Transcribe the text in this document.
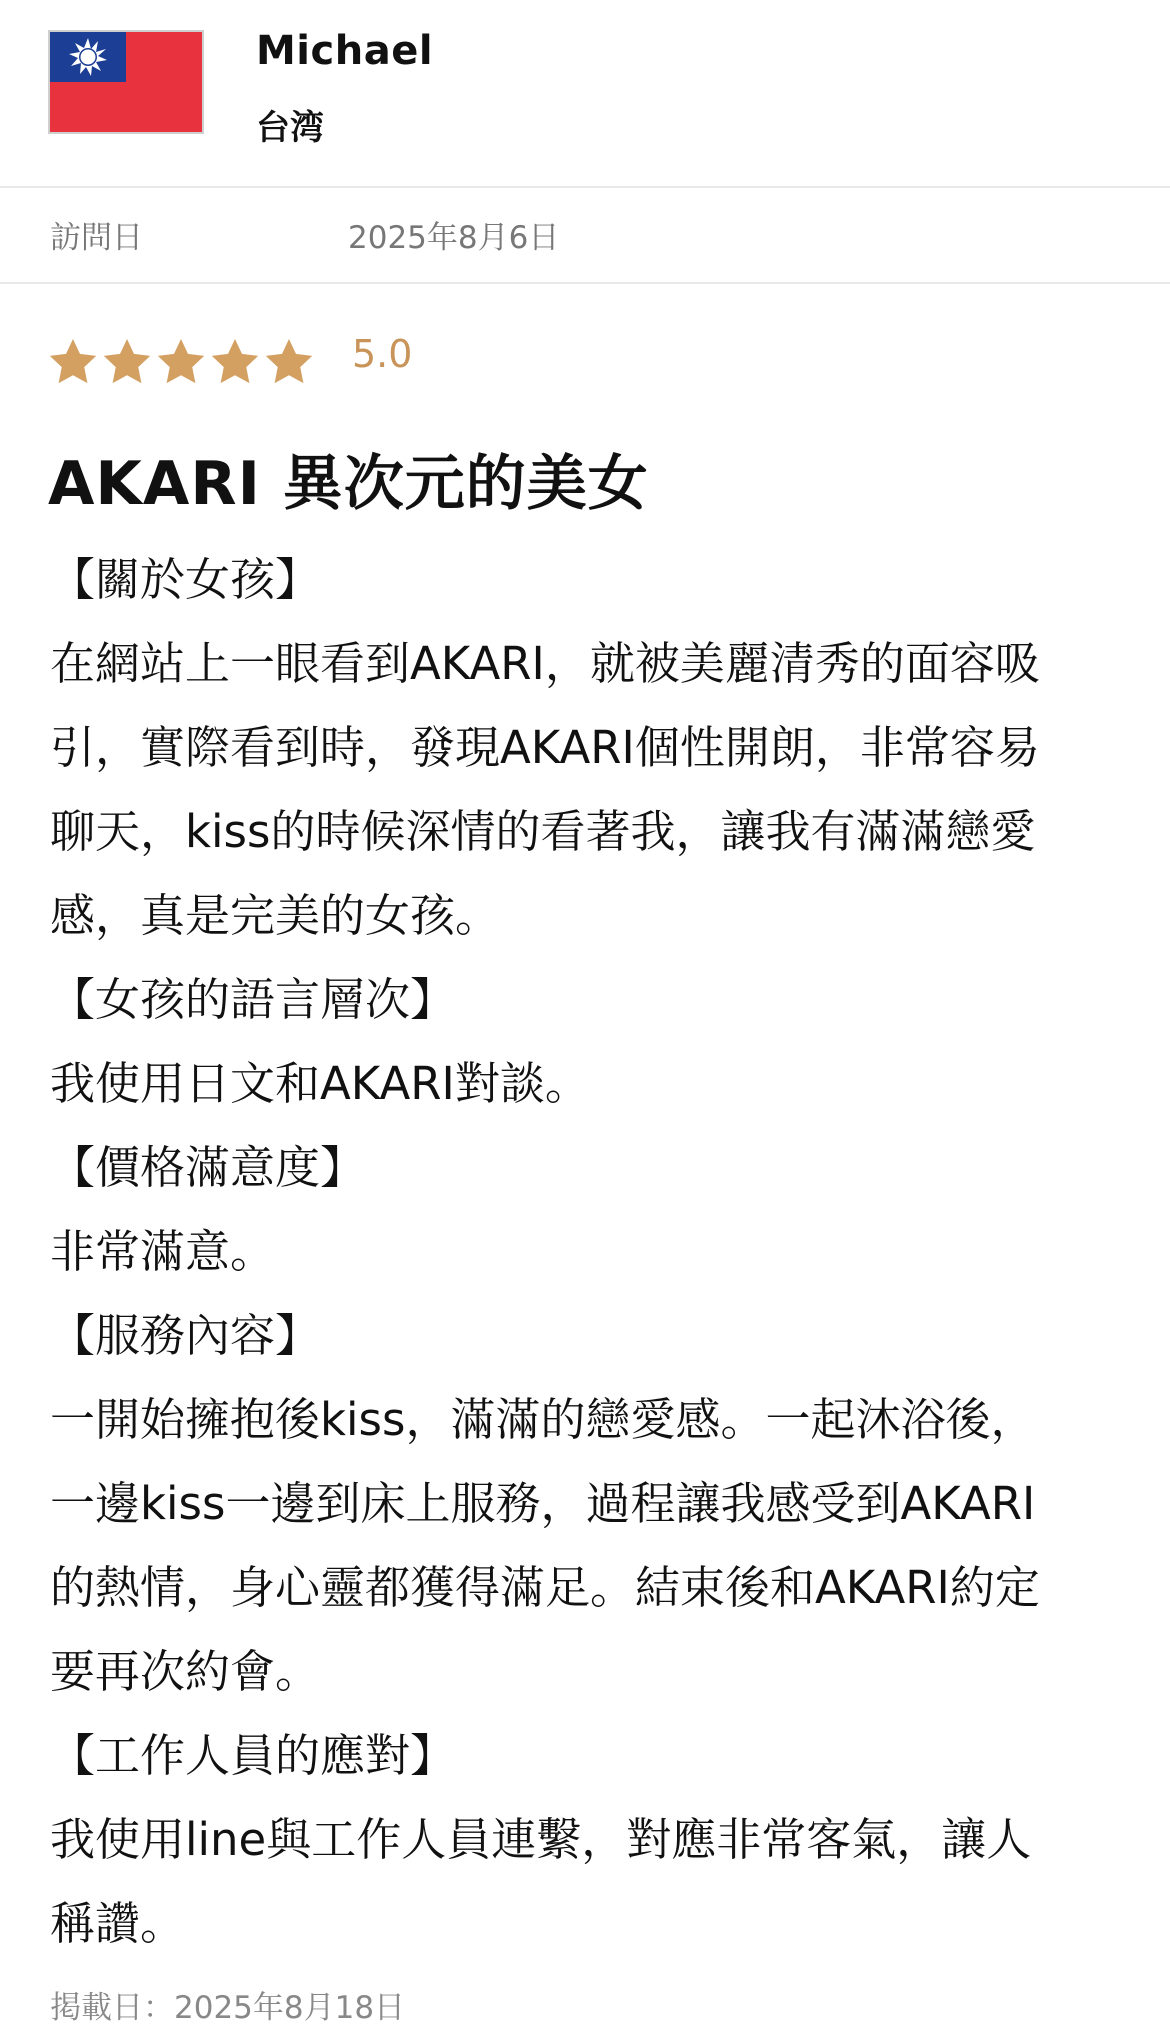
Michael
台湾
訪問日	2025年8月6日
5.0
AKARI 異次元的美女
【關於女孩】
在網站上一眼看到AKARI，就被美麗清秀的面容吸
引，實際看到時，發現AKARI個性開朗，非常容易
聊天，kiss的時候深情的看著我，讓我有滿滿戀愛
感，真是完美的女孩。
【女孩的語言層次】
我使用日文和AKARI對談。
【價格滿意度】
非常滿意。
【服務內容】
一開始擁抱後kiss，滿滿的戀愛感。一起沐浴後，
一邊kiss一邊到床上服務，過程讓我感受到AKARI
的熱情，身心靈都獲得滿足。結束後和AKARI約定
要再次約會。
【工作人員的應對】
我使用line與工作人員連繫，對應非常客氣，讓人
稱讚。
掲載日：2025年8月18日
